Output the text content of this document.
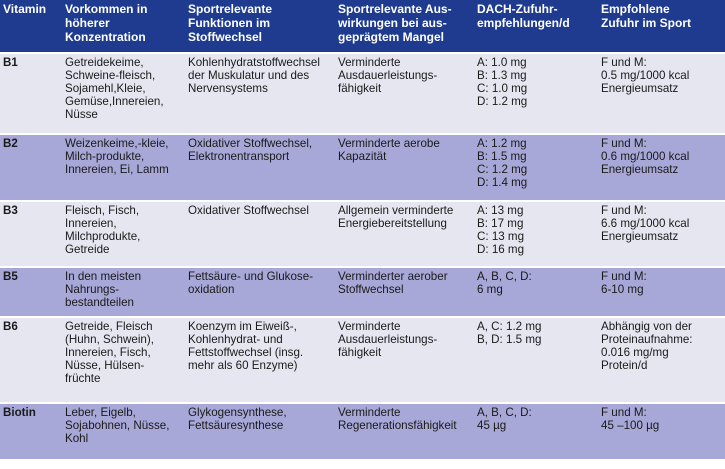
Vitamin	Vorkommen in
höherer
Konzentration	Sportrelevante
Funktionen im
Stoffwechsel	Sportrelevante Aus-
wirkungen bei aus-
geprägtem Mangel	DACH-Zufuhr-
empfehlungen/d	Empfohlene
Zufuhr im Sport
B1	Getreidekeime,
Schweine-fleisch,
Sojamehl,Kleie,
Gemüse,Innereien,
Nüsse	Kohlenhydratstoffwechsel
der Muskulatur und des
Nervensystems	Verminderte
Ausdauerleistungs-
fähigkeit	A: 1.0 mg
B: 1.3 mg
C: 1.0 mg
D: 1.2 mg	F und M:
0.5 mg/1000 kcal
Energieumsatz
B2	Weizenkeime,-kleie,
Milch-produkte,
Innereien, Ei, Lamm	Oxidativer Stoffwechsel,
Elektronentransport	Verminderte aerobe
Kapazität	A: 1.2 mg
B: 1.5 mg
C: 1.2 mg
D: 1.4 mg	F und M:
0.6 mg/1000 kcal
Energieumsatz
B3	Fleisch, Fisch,
Innereien,
Milchprodukte,
Getreide	Oxidativer Stoffwechsel	Allgemein verminderte
Energiebereitstellung	A: 13 mg
B: 17 mg
C: 13 mg
D: 16 mg	F und M:
6.6 mg/1000 kcal
Energieumsatz
B5	In den meisten
Nahrungs-
bestandteilen	Fettsäure- und Glukose-
oxidation	Verminderter aerober
Stoffwechsel	A, B, C, D:
6 mg	F und M:
6-10 mg
B6	Getreide, Fleisch
(Huhn, Schwein),
Innereien, Fisch,
Nüsse, Hülsen-
früchte	Koenzym im Eiweiß-,
Kohlenhydrat- und
Fettstoffwechsel (insg.
mehr als 60 Enzyme)	Verminderte
Ausdauerleistungs-
fähigkeit	A, C: 1.2 mg
B, D: 1.5 mg	Abhängig von der
Proteinaufnahme:
0.016 mg/mg
Protein/d
Biotin	Leber, Eigelb,
Sojabohnen, Nüsse,
Kohl	Glykogensynthese,
Fettsäuresynthese	Verminderte
Regenerationsfähigkeit	A, B, C, D:
45 µg	F und M:
45 –100 µg
